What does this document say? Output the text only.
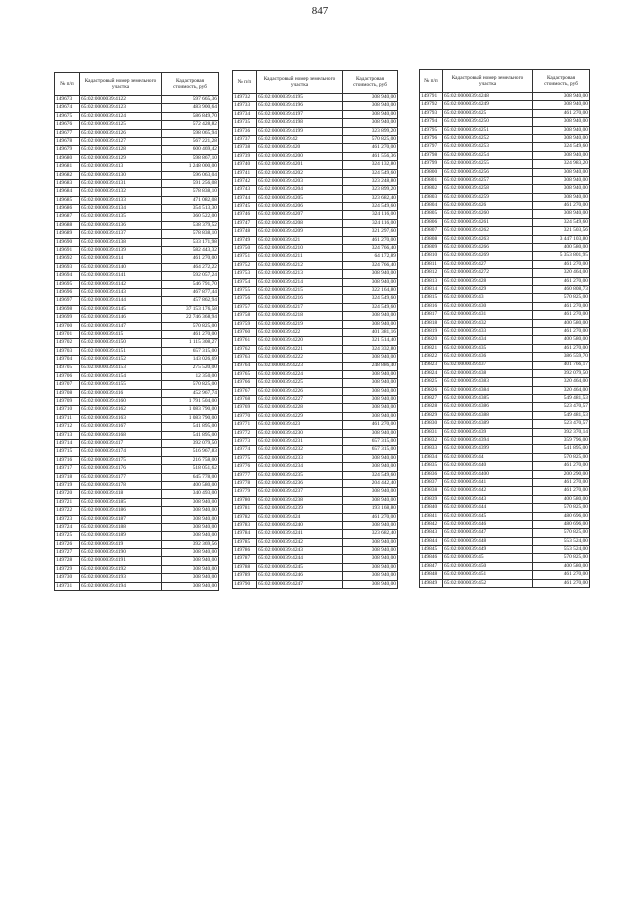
847
№ п/п	Кадастровый номер земельного участка	Кадастровая стоимость, руб
149673	65:02:0000039:4122	597 665,36
149674	65:02:0000039:4123	483 900,64
149675	65:02:0000039:4124	586 849,70
149676	65:02:0000039:4125	572 428,82
149677	65:02:0000039:4126	598 065,94
149678	65:02:0000039:4127	567 221,28
149679	65:02:0000039:4128	600 469,42
149680	65:02:0000039:4129	598 867,10
149681	65:02:0000039:413	1 248 000,00
149682	65:02:0000039:4130	596 063,04
149683	65:02:0000039:4131	591 256,08
149684	65:02:0000039:4132	578 838,10
149685	65:02:0000039:4133	471 082,08
149686	65:02:0000039:4134	354 513,30
149687	65:02:0000039:4135	360 522,00
149688	65:02:0000039:4136	538 379,52
149689	65:02:0000039:4137	578 838,10
149690	65:02:0000039:4138	533 171,98
149691	65:02:0000039:4139	582 443,32
149692	65:02:0000039:414	461 270,00
149693	65:02:0000039:4140	464 272,22
149694	65:02:0000039:4141	592 057,24
149695	65:02:0000039:4142	546 791,70
149696	65:02:0000039:4143	467 877,44
149697	65:02:0000039:4144	457 862,94
149698	65:02:0000039:4145	37 153 176,58
149699	65:02:0000039:4146	22 746 368,94
149700	65:02:0000039:4147	570 825,00
149701	65:02:0000039:415	461 270,00
149702	65:02:0000039:4150	1 115 308,27
149703	65:02:0000039:4151	657 315,00
149704	65:02:0000039:4152	143 026,69
149705	65:02:0000039:4153	275 520,00
149706	65:02:0000039:4154	12 350,00
149707	65:02:0000039:4155	570 825,00
149708	65:02:0000039:416	452 967,74
149709	65:02:0000039:4160	1 791 504,00
149710	65:02:0000039:4162	1 083 790,00
149711	65:02:0000039:4163	1 083 790,00
149712	65:02:0000039:4167	541 895,00
149713	65:02:0000039:4168	541 895,00
149714	65:02:0000039:417	392 079,50
149715	65:02:0000039:4174	516 967,83
149716	65:02:0000039:4175	216 758,00
149717	65:02:0000039:4176	518 051,62
149718	65:02:0000039:4177	645 778,00
149719	65:02:0000039:4178	400 580,00
149720	65:02:0000039:418	340 493,00
149721	65:02:0000039:4185	308 940,00
149722	65:02:0000039:4186	308 940,00
149723	65:02:0000039:4187	308 940,00
149724	65:02:0000039:4188	308 940,00
149725	65:02:0000039:4189	308 940,00
149726	65:02:0000039:419	392 369,56
149727	65:02:0000039:4190	308 940,00
149728	65:02:0000039:4191	308 940,00
149729	65:02:0000039:4192	308 940,00
149730	65:02:0000039:4193	308 940,00
149731	65:02:0000039:4194	308 940,00
№ п/п	Кадастровый номер земельного участка	Кадастровая стоимость, руб
149732	65:02:0000039:4195	308 940,00
149733	65:02:0000039:4196	308 940,00
149734	65:02:0000039:4197	308 940,00
149735	65:02:0000039:4198	308 940,00
149736	65:02:0000039:4199	323 899,20
149737	65:02:0000039:42	570 825,00
149738	65:02:0000039:420	461 270,00
149739	65:02:0000039:4200	461 556,36
149740	65:02:0000039:4201	324 132,80
149741	65:02:0000039:4202	324 549,60
149742	65:02:0000039:4203	323 248,80
149743	65:02:0000039:4204	323 899,20
149744	65:02:0000039:4205	323 682,40
149745	65:02:0000039:4206	324 549,60
149746	65:02:0000039:4207	324 116,00
149747	65:02:0000039:4208	324 116,00
149748	65:02:0000039:4209	321 297,60
149749	65:02:0000039:421	461 270,00
149750	65:02:0000039:4210	324 766,40
149751	65:02:0000039:4211	64 172,89
149752	65:02:0000039:4212	324 766,40
149753	65:02:0000039:4213	308 940,00
149754	65:02:0000039:4214	308 940,00
149755	65:02:0000039:4215	322 164,80
149756	65:02:0000039:4216	324 549,60
149757	65:02:0000039:4217	324 549,60
149758	65:02:0000039:4218	308 940,00
149759	65:02:0000039:4219	308 940,00
149760	65:02:0000039:422	401 381,16
149761	65:02:0000039:4220	321 514,40
149762	65:02:0000039:4221	324 332,80
149763	65:02:0000039:4222	308 940,00
149764	65:02:0000039:4223	248 886,40
149765	65:02:0000039:4224	308 940,00
149766	65:02:0000039:4225	308 940,00
149767	65:02:0000039:4226	308 940,00
149768	65:02:0000039:4227	308 940,00
149769	65:02:0000039:4228	308 940,00
149770	65:02:0000039:4229	308 940,00
149771	65:02:0000039:423	461 270,00
149772	65:02:0000039:4230	308 940,00
149773	65:02:0000039:4231	657 315,00
149774	65:02:0000039:4232	657 315,00
149775	65:02:0000039:4233	308 940,00
149776	65:02:0000039:4234	308 940,00
149777	65:02:0000039:4235	324 549,60
149778	65:02:0000039:4236	204 442,40
149779	65:02:0000039:4237	308 940,00
149780	65:02:0000039:4238	308 940,00
149781	65:02:0000039:4239	193 168,80
149782	65:02:0000039:424	461 270,00
149783	65:02:0000039:4240	308 940,00
149784	65:02:0000039:4241	323 682,40
149785	65:02:0000039:4242	308 940,00
149786	65:02:0000039:4243	308 940,00
149787	65:02:0000039:4244	308 940,00
149788	65:02:0000039:4245	308 940,00
149789	65:02:0000039:4246	308 940,00
149790	65:02:0000039:4247	308 940,00
№ п/п	Кадастровый номер земельного участка	Кадастровая стоимость, руб
149791	65:02:0000039:4248	308 940,00
149792	65:02:0000039:4249	308 940,00
149793	65:02:0000039:425	461 270,00
149794	65:02:0000039:4250	308 940,00
149795	65:02:0000039:4251	308 940,00
149796	65:02:0000039:4252	308 940,00
149797	65:02:0000039:4253	324 549,60
149798	65:02:0000039:4254	308 940,00
149799	65:02:0000039:4255	324 983,20
149800	65:02:0000039:4256	308 940,00
149801	65:02:0000039:4257	308 940,00
149802	65:02:0000039:4258	308 940,00
149803	65:02:0000039:4259	308 940,00
149804	65:02:0000039:426	461 270,00
149805	65:02:0000039:4260	308 940,00
149806	65:02:0000039:4261	324 549,60
149807	65:02:0000039:4262	321 503,56
149808	65:02:0000039:4263	3 447 103,80
149809	65:02:0000039:4266	400 580,00
149810	65:02:0000039:4269	5 353 801,95
149811	65:02:0000039:427	461 270,00
149812	65:02:0000039:4272	320 464,00
149813	65:02:0000039:428	461 270,00
149814	65:02:0000039:429	460 808,73
149815	65:02:0000039:43	570 825,00
149816	65:02:0000039:430	461 270,00
149817	65:02:0000039:431	461 270,00
149818	65:02:0000039:432	400 580,00
149819	65:02:0000039:433	461 270,00
149820	65:02:0000039:434	400 580,00
149821	65:02:0000039:435	461 270,00
149822	65:02:0000039:436	386 559,70
149823	65:02:0000039:437	401 766,17
149824	65:02:0000039:438	392 079,50
149825	65:02:0000039:4383	320 464,00
149826	65:02:0000039:4384	320 464,00
149827	65:02:0000039:4385	549 481,53
149828	65:02:0000039:4386	523 470,57
149829	65:02:0000039:4388	549 481,53
149830	65:02:0000039:4389	523 470,57
149831	65:02:0000039:439	392 370,14
149832	65:02:0000039:4394	359 796,00
149833	65:02:0000039:4399	541 895,00
149834	65:02:0000039:44	570 825,00
149835	65:02:0000039:440	461 270,00
149836	65:02:0000039:4400	200 290,00
149837	65:02:0000039:441	461 270,00
149838	65:02:0000039:442	461 270,00
149839	65:02:0000039:443	400 580,00
149840	65:02:0000039:444	570 825,00
149841	65:02:0000039:445	480 696,00
149842	65:02:0000039:446	480 696,00
149843	65:02:0000039:447	570 825,00
149844	65:02:0000039:448	553 524,00
149845	65:02:0000039:449	553 524,00
149846	65:02:0000039:45	570 825,00
149847	65:02:0000039:450	400 580,00
149848	65:02:0000039:451	461 270,00
149849	65:02:0000039:452	461 270,00
